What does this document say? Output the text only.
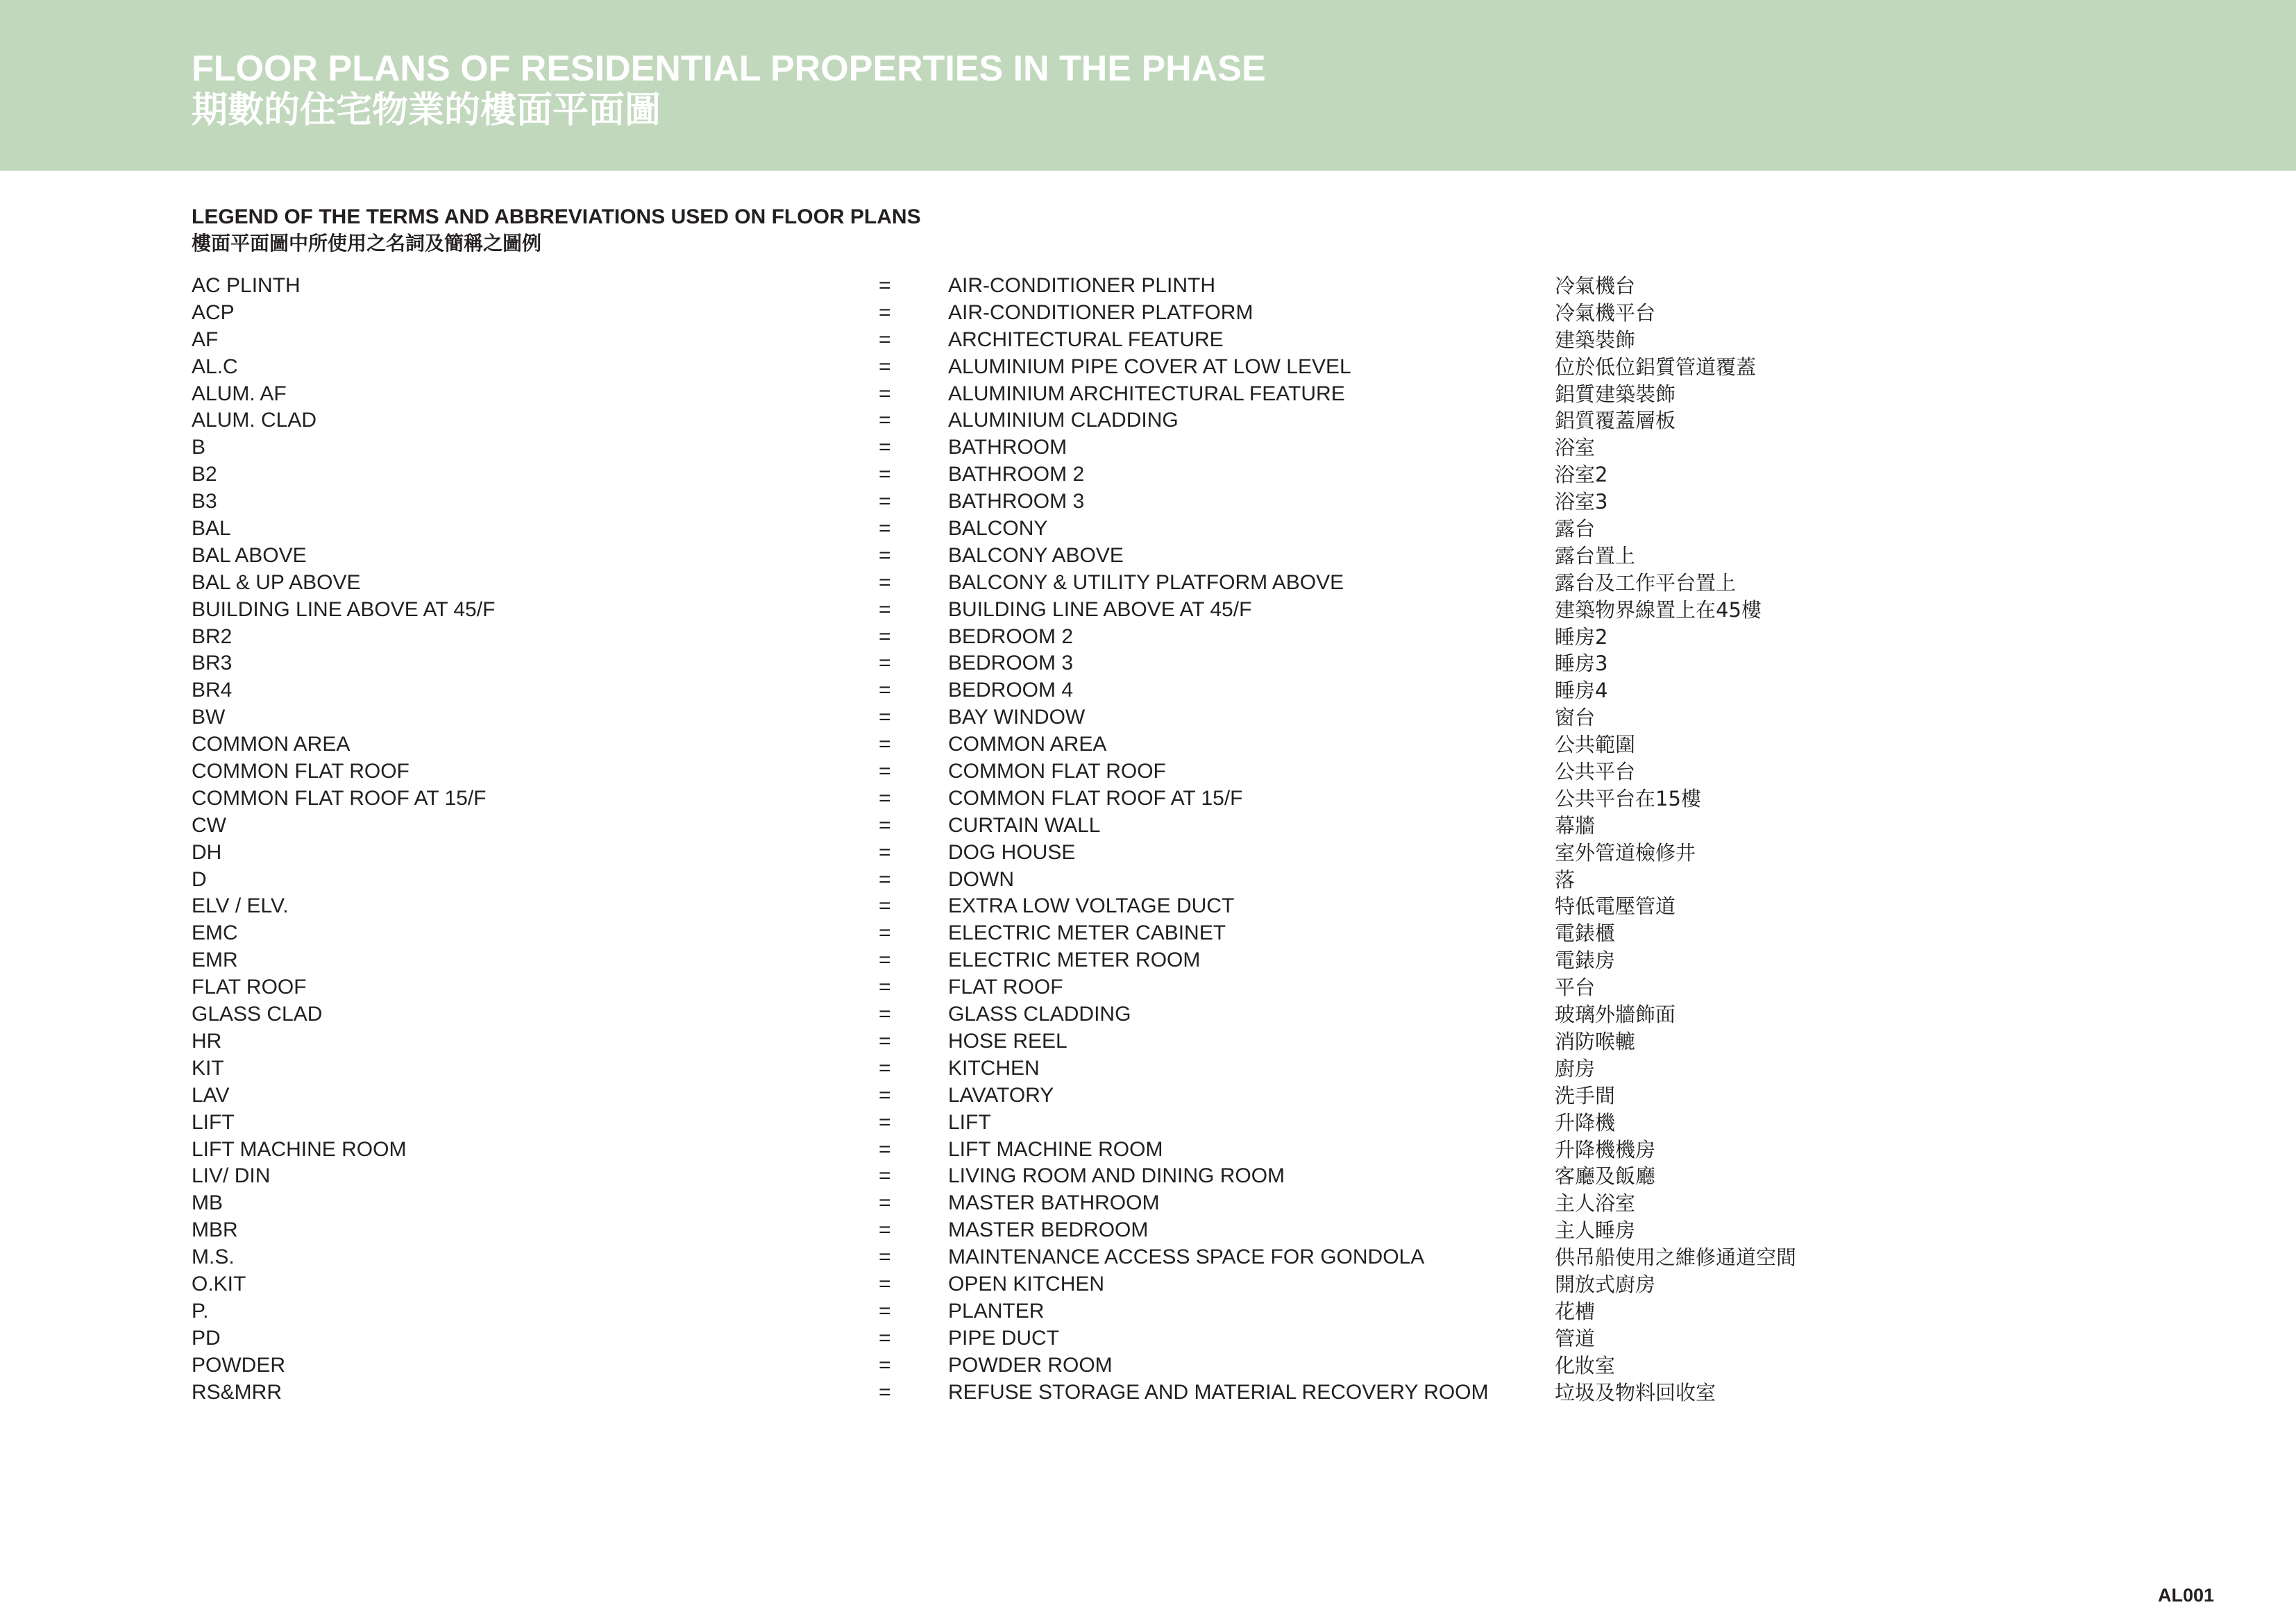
FLOOR PLANS OF RESIDENTIAL PROPERTIES IN THE PHASE
期數的住宅物業的樓面平面圖
LEGEND OF THE TERMS AND ABBREVIATIONS USED ON FLOOR PLANS
樓面平面圖中所使用之名詞及簡稱之圖例
AC PLINTH	=	AIR-CONDITIONER PLINTH	冷氣機台
ACP	=	AIR-CONDITIONER PLATFORM	冷氣機平台
AF	=	ARCHITECTURAL FEATURE	建築裝飾
AL.C	=	ALUMINIUM PIPE COVER AT LOW LEVEL	位於低位鋁質管道覆蓋
ALUM. AF	=	ALUMINIUM ARCHITECTURAL FEATURE	鋁質建築裝飾
ALUM. CLAD	=	ALUMINIUM CLADDING	鋁質覆蓋層板
B	=	BATHROOM	浴室
B2	=	BATHROOM 2	浴室2
B3	=	BATHROOM 3	浴室3
BAL	=	BALCONY	露台
BAL ABOVE	=	BALCONY ABOVE	露台置上
BAL & UP ABOVE	=	BALCONY & UTILITY PLATFORM ABOVE	露台及工作平台置上
BUILDING LINE ABOVE AT 45/F	=	BUILDING LINE ABOVE AT 45/F	建築物界線置上在45樓
BR2	=	BEDROOM 2	睡房2
BR3	=	BEDROOM 3	睡房3
BR4	=	BEDROOM 4	睡房4
BW	=	BAY WINDOW	窗台
COMMON AREA	=	COMMON AREA	公共範圍
COMMON FLAT ROOF	=	COMMON FLAT ROOF	公共平台
COMMON FLAT ROOF AT 15/F	=	COMMON FLAT ROOF AT 15/F	公共平台在15樓
CW	=	CURTAIN WALL	幕牆
DH	=	DOG HOUSE	室外管道檢修井
D	=	DOWN	落
ELV / ELV.	=	EXTRA LOW VOLTAGE DUCT	特低電壓管道
EMC	=	ELECTRIC METER CABINET	電錶櫃
EMR	=	ELECTRIC METER ROOM	電錶房
FLAT ROOF	=	FLAT ROOF	平台
GLASS CLAD	=	GLASS CLADDING	玻璃外牆飾面
HR	=	HOSE REEL	消防喉轆
KIT	=	KITCHEN	廚房
LAV	=	LAVATORY	洗手間
LIFT	=	LIFT	升降機
LIFT MACHINE ROOM	=	LIFT MACHINE ROOM	升降機機房
LIV/ DIN	=	LIVING ROOM AND DINING ROOM	客廳及飯廳
MB	=	MASTER BATHROOM	主人浴室
MBR	=	MASTER BEDROOM	主人睡房
M.S.	=	MAINTENANCE ACCESS SPACE FOR GONDOLA	供吊船使用之維修通道空間
O.KIT	=	OPEN KITCHEN	開放式廚房
P.	=	PLANTER	花槽
PD	=	PIPE DUCT	管道
POWDER	=	POWDER ROOM	化妝室
RS&MRR	=	REFUSE STORAGE AND MATERIAL RECOVERY ROOM	垃圾及物料回收室
AL001
